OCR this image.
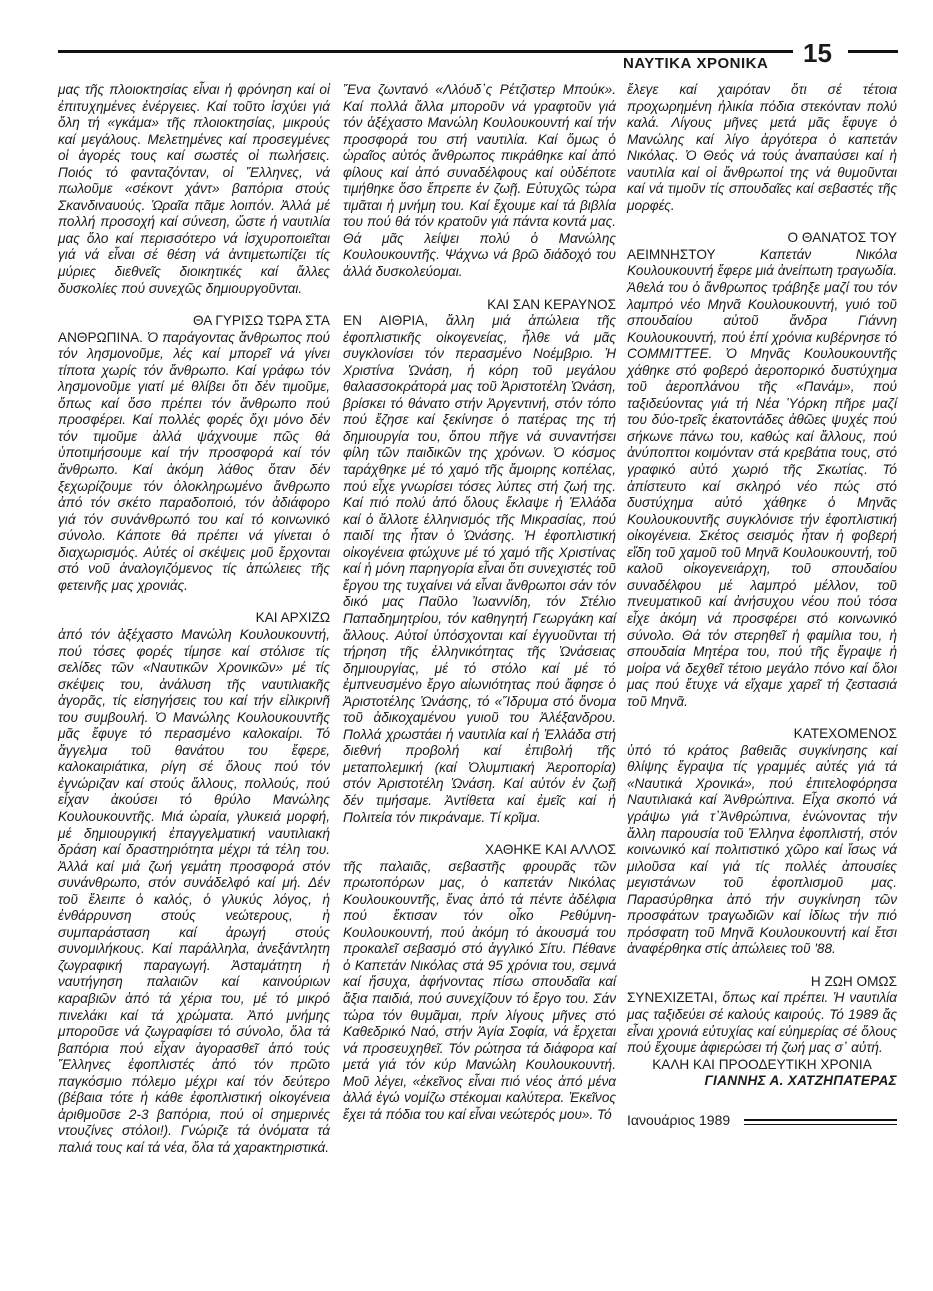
ΝΑΥΤΙΚΑ ΧΡΟΝΙΚΑ 15

μας τῆς πλοιοκτησίας εἶναι ἡ φρόνηση καί οἱ ἐπιτυχημένες ἐνέργειες. Καί τοῦτο ἰσχύει γιά ὅλη τή «γκάμα» τῆς πλοιοκτησίας, μικρούς καί μεγάλους. Μελετημένες καί προσεγμένες οἱ ἀγορές τους καί σωστές οἱ πωλήσεις. Ποιός τό φανταζόνταν, οἱ Ἕλληνες, νά πωλοῦμε «σέκοντ χάντ» βαπόρια στούς Σκανδιναυούς. Ὡραῖα πᾶμε λοιπόν. Ἀλλά μέ πολλή προσοχή καί σύνεση, ὥστε ἡ ναυτιλία μας ὅλο καί περισσότερο νά ἰσχυροποιεῖται γιά νά εἶναι σέ θέση νά ἀντιμετωπίζει τίς μύριες διεθνεῖς διοικητικές καί ἄλλες δυσκολίες πού συνεχῶς δημιουργοῦνται.

ΘΑ ΓΥΡΙΣΩ ΤΩΡΑ ΣΤΑ

ΑΝΘΡΩΠΙΝΑ. Ὁ παράγοντας ἄνθρωπος πού τόν λησμονοῦμε, λές καί μπορεῖ νά γίνει τίποτα χωρίς τόν ἄνθρωπο. Καί γράφω τόν λησμονοῦμε γιατί μέ θλίβει ὅτι δέν τιμοῦμε, ὅπως καί ὅσο πρέπει τόν ἄνθρωπο πού προσφέρει. Καί πολλές φορές ὄχι μόνο δέν τόν τιμοῦμε ἀλλά ψάχνουμε πῶς θά ὑποτιμήσουμε καί τήν προσφορά καί τόν ἄνθρωπο. Καί ἀκόμη λάθος ὅταν δέν ξεχωρίζουμε τόν ὁλοκληρωμένο ἄνθρωπο ἀπό τόν σκέτο παραδοποιό, τόν ἀδιάφορο γιά τόν συνάνθρωπό του καί τό κοινωνικό σύνολο. Κάποτε θά πρέπει νά γίνεται ὁ διαχωρισμός. Αὐτές οἱ σκέψεις μοῦ ἔρχονται στό νοῦ ἀναλογιζόμενος τίς ἀπώλειες τῆς φετεινῆς μας χρονιάς.

ΚΑΙ ΑΡΧΙΖΩ

ἀπό τόν ἀξέχαστο Μανώλη Κουλουκουντή, πού τόσες φορές τίμησε καί στόλισε τίς σελίδες τῶν «Ναυτικῶν Χρονικῶν» μέ τίς σκέψεις του, ἀνάλυση τῆς ναυτιλιακῆς ἀγορᾶς, τίς εἰσηγήσεις του καί τήν εἰλικρινῆ του συμβουλή. Ὁ Μανώλης Κουλουκουντῆς μᾶς ἔφυγε τό περασμένο καλοκαίρι. Τό ἄγγελμα τοῦ θανάτου του ἔφερε, καλοκαιριάτικα, ρίγη σέ ὅλους πού τόν ἐγνώριζαν καί στούς ἄλλους, πολλούς, πού εἶχαν ἀκούσει τό θρύλο Μανώλης Κουλουκουντῆς. Μιά ὡραία, γλυκειά μορφή, μέ δημιουργική ἐπαγγελματική ναυτιλιακή δράση καί δραστηριότητα μέχρι τά τέλη του. Ἀλλά καί μιά ζωή γεμάτη προσφορά στόν συνάνθρωπο, στόν συνάδελφό καί μή. Δέν τοῦ ἔλειπε ὁ καλός, ὁ γλυκύς λόγος, ἡ ἐνθάρρυνση στούς νεώτερους, ἡ συμπαράσταση καί ἀρωγή στούς συνομιλήκους. Καί παράλληλα, ἀνεξάντλητη ζωγραφική παραγωγή. Ἀσταμάτητη ἡ ναυτήγηση παλαιῶν καί καινούριων καραβιῶν ἀπό τά χέρια του, μέ τό μικρό πινελάκι καί τά χρώματα. Ἀπό μνήμης μποροῦσε νά ζωγραφίσει τό σύνολο, ὅλα τά βαπόρια πού εἶχαν ἀγορασθεῖ ἀπό τούς Ἕλληνες ἐφοπλιστές ἀπό τόν πρῶτο παγκόσμιο πόλεμο μέχρι καί τόν δεύτερο (βέβαια τότε ἡ κάθε ἐφοπλιστική οἰκογένεια ἀριθμοῦσε 2-3 βαπόρια, πού οἱ σημερινές ντουζίνες στόλοι!). Γνώριζε τά ὀνόματα τά παλιά τους καί τά νέα, ὅλα τά χαρακτηριστικά.

Ἕνα ζωντανό «Λλόυδ᾽ς Ρέτζιστερ Μπούκ». Καί πολλά ἄλλα μποροῦν νά γραφτοῦν γιά τόν ἀξέχαστο Μανώλη Κουλουκουντή καί τήν προσφορά του στή ναυτιλία. Καί ὅμως ὁ ὡραῖος αὐτός ἄνθρωπος πικράθηκε καί ἀπό φίλους καί ἀπό συναδέλφους καί οὐδέποτε τιμήθηκε ὅσο ἔπρεπε ἐν ζωῇ. Εὐτυχῶς τώρα τιμᾶται ἡ μνήμη του. Καί ἔχουμε καί τά βιβλία του πού θά τόν κρατοῦν γιά πάντα κοντά μας. Θά μᾶς λείψει πολύ ὁ Μανώλης Κουλουκουντῆς. Ψάχνω νά βρῶ διάδοχό του ἀλλά δυσκολεύομαι.

ΚΑΙ ΣΑΝ ΚΕΡΑΥΝΟΣ

ΕΝ ΑΙΘΡΙΑ, ἄλλη μιά ἀπώλεια τῆς ἐφοπλιστικῆς οἰκογενείας, ἦλθε νά μᾶς συγκλονίσει τόν περασμένο Νοέμβριο. Ἡ Χριστίνα Ὠνάση, ἡ κόρη τοῦ μεγάλου θαλασσοκράτορά μας τοῦ Ἀριστοτέλη Ὠνάση, βρίσκει τό θάνατο στήν Ἀργεντινή, στόν τόπο πού ἔζησε καί ξεκίνησε ὁ πατέρας της τή δημιουργία του, ὅπου πῆγε νά συναντήσει φίλη τῶν παιδικῶν της χρόνων. Ὁ κόσμος ταράχθηκε μέ τό χαμό τῆς ἄμοιρης κοπέλας, πού εἶχε γνωρίσει τόσες λύπες στή ζωή της. Καί πιό πολύ ἀπό ὅλους ἔκλαψε ἡ Ἑλλάδα καί ὁ ἄλλοτε ἑλληνισμός τῆς Μικρασίας, πού παιδί της ἦταν ὁ Ὠνάσης. Ἡ ἐφοπλιστική οἰκογένεια φτώχυνε μέ τό χαμό τῆς Χριστίνας καί ἡ μόνη παρηγορία εἶναι ὅτι συνεχιστές τοῦ ἔργου της τυχαίνει νά εἶναι ἄνθρωποι σάν τόν δικό μας Παῦλο Ἰωαννίδη, τόν Στέλιο Παπαδημητρίου, τόν καθηγητή Γεωργάκη καί ἄλλους. Αὐτοί ὑπόσχονται καί ἐγγυοῦνται τή τήρηση τῆς ἑλληνικότητας τῆς Ὠνάσειας δημιουργίας, μέ τό στόλο καί μέ τό ἐμπνευσμένο ἔργο αἰωνιότητας πού ἄφησε ὁ Ἀριστοτέλης Ὠνάσης, τό «Ἵδρυμα στό ὄνομα τοῦ ἀδικοχαμένου γυιοῦ του Ἀλέξανδρου. Πολλά χρωστάει ἡ ναυτιλία καί ἡ Ἑλλάδα στή διεθνή προβολή καί ἐπιβολή τῆς μεταπολεμική (καί Ὀλυμπιακή Ἀεροπορία) στόν Ἀριστοτέλη Ὠνάση. Καί αὐτόν ἐν ζωῇ δέν τιμήσαμε. Ἀντίθετα καί ἐμεῖς καί ἡ Πολιτεία τόν πικράναμε. Τί κρῖμα.

ΧΑΘΗΚΕ ΚΑΙ ΑΛΛΟΣ

τῆς παλαιᾶς, σεβαστῆς φρουρᾶς τῶν πρωτοπόρων μας, ὁ καπετάν Νικόλας Κουλουκουντῆς, ἕνας ἀπό τά πέντε ἀδέλφια πού ἔκτισαν τόν οἶκο Ρεθύμνη-Κουλουκουντή, πού ἀκόμη τό ἀκουσμά του προκαλεῖ σεβασμό στό ἀγγλικό Σίτυ. Πέθανε ὁ Καπετάν Νικόλας στά 95 χρόνια του, σεμνά καί ἥσυχα, ἀφήνοντας πίσω σπουδαῖα καί ἄξια παιδιά, πού συνεχίζουν τό ἔργο του. Σάν τώρα τόν θυμᾶμαι, πρίν λίγους μῆνες στό Καθεδρικό Ναό, στήν Ἁγία Σοφία, νά ἔρχεται νά προσευχηθεῖ. Τόν ρώτησα τά διάφορα καί μετά γιά τόν κύρ Μανώλη Κουλουκουντή. Μοῦ λέγει, «ἐκεῖνος εἶναι πιό νέος ἀπό μένα ἀλλά ἐγώ νομίζω στέκομαι καλύτερα. Ἐκεῖνος ἔχει τά πόδια του καί εἶναι νεώτερός μου». Τό

ἔλεγε καί χαιρόταν ὅτι σέ τέτοια προχωρημένη ἡλικία πόδια στεκόνταν πολύ καλά. Λίγους μῆνες μετά μᾶς ἔφυγε ὁ Μανώλης καί λίγο ἀργότερα ὁ καπετάν Νικόλας. Ὁ Θεός νά τούς ἀναπαύσει καί ἡ ναυτιλία καί οἱ ἄνθρωποί της νά θυμοῦνται καί νά τιμοῦν τίς σπουδαῖες καί σεβαστές τῆς μορφές.

Ο ΘΑΝΑΤΟΣ ΤΟΥ

ΑΕΙΜΝΗΣΤΟΥ Καπετάν Νικόλα Κουλουκουντή ἔφερε μιά ἀνείπωτη τραγωδία. Ἀθελά του ὁ ἄνθρωπος τράβηξε μαζί του τόν λαμπρό νέο Μηνᾶ Κουλουκουντή, γυιό τοῦ σπουδαίου αὐτοῦ ἄνδρα Γιάννη Κουλουκουντή, πού ἐπί χρόνια κυβέρνησε τό COMMITTEE. Ὁ Μηνᾶς Κουλουκουντῆς χάθηκε στό φοβερό ἀεροπορικό δυστύχημα τοῦ ἀεροπλάνου τῆς «Πανάμ», πού ταξιδεύοντας γιά τή Νέα Ὑόρκη πῆρε μαζί του δύο-τρεῖς ἑκατοντάδες ἀθῶες ψυχές πού σήκωνε πάνω του, καθώς καί ἄλλους, πού ἀνύποπτοι κοιμόνταν στά κρεβάτια τους, στό γραφικό αὐτό χωριό τῆς Σκωτίας. Τό ἀπίστευτο καί σκληρό νέο πώς στό δυστύχημα αὐτό χάθηκε ὁ Μηνᾶς Κουλουκουντῆς συγκλόνισε τήν ἐφοπλιστική οἰκογένεια. Σκέτος σεισμός ἦταν ἡ φοβερή εἴδη τοῦ χαμοῦ τοῦ Μηνᾶ Κουλουκουντή, τοῦ καλοῦ οἰκογενειάρχη, τοῦ σπουδαίου συναδέλφου μέ λαμπρό μέλλον, τοῦ πνευματικοῦ καί ἀνήσυχου νέου πού τόσα εἶχε ἀκόμη νά προσφέρει στό κοινωνικό σύνολο. Θά τόν στερηθεῖ ἡ φαμίλια του, ἡ σπουδαία Μητέρα του, πού τῆς ἔγραψε ἡ μοίρα νά δεχθεῖ τέτοιο μεγάλο πόνο καί ὅλοι μας πού ἔτυχε νά εἴχαμε χαρεῖ τή ζεστασιά τοῦ Μηνᾶ.

ΚΑΤΕΧΟΜΕΝΟΣ

ὑπό τό κράτος βαθειᾶς συγκίνησης καί θλίψης ἔγραψα τίς γραμμές αὐτές γιά τά «Ναυτικά Χρονικά», πού ἐπιτελοφόρησα Ναυτιλιακά καί Ἀνθρώπινα. Εἶχα σκοπό νά γράψω γιά τ᾽Ἀνθρώπινα, ἐνώνοντας τήν ἄλλη παρουσία τοῦ Ἑλληνα ἐφοπλιστή, στόν κοινωνικό καί πολιτιστικό χῶρο καί ἴσως νά μιλοῦσα καί γιά τίς πολλές ἀπουσίες μεγιστάνων τοῦ ἐφοπλισμοῦ μας. Παρασύρθηκα ἀπό τήν συγκίνηση τῶν προσφάτων τραγωδιῶν καί ἰδίως τήν πιό πρόσφατη τοῦ Μηνᾶ Κουλουκουντή καί ἔτσι ἀναφέρθηκα στίς ἀπώλειες τοῦ '88.

Η ΖΩΗ ΟΜΩΣ

ΣΥΝΕΧΙΖΕΤΑΙ, ὅπως καί πρέπει. Ἡ ναυτιλία μας ταξιδεύει σέ καλούς καιρούς. Τό 1989 ἄς εἶναι χρονιά εὐτυχίας καί εὐημερίας σέ ὅλους πού ἔχουμε ἀφιερώσει τή ζωή μας σ᾽ αὐτή.

ΚΑΛΗ ΚΑΙ ΠΡΟΟΔΕΥΤΙΚΗ ΧΡΟΝΙΑ

ΓΙΑΝΝΗΣ Α. ΧΑΤΖΗΠΑΤΕΡΑΣ

Ιανουάριος 1989
